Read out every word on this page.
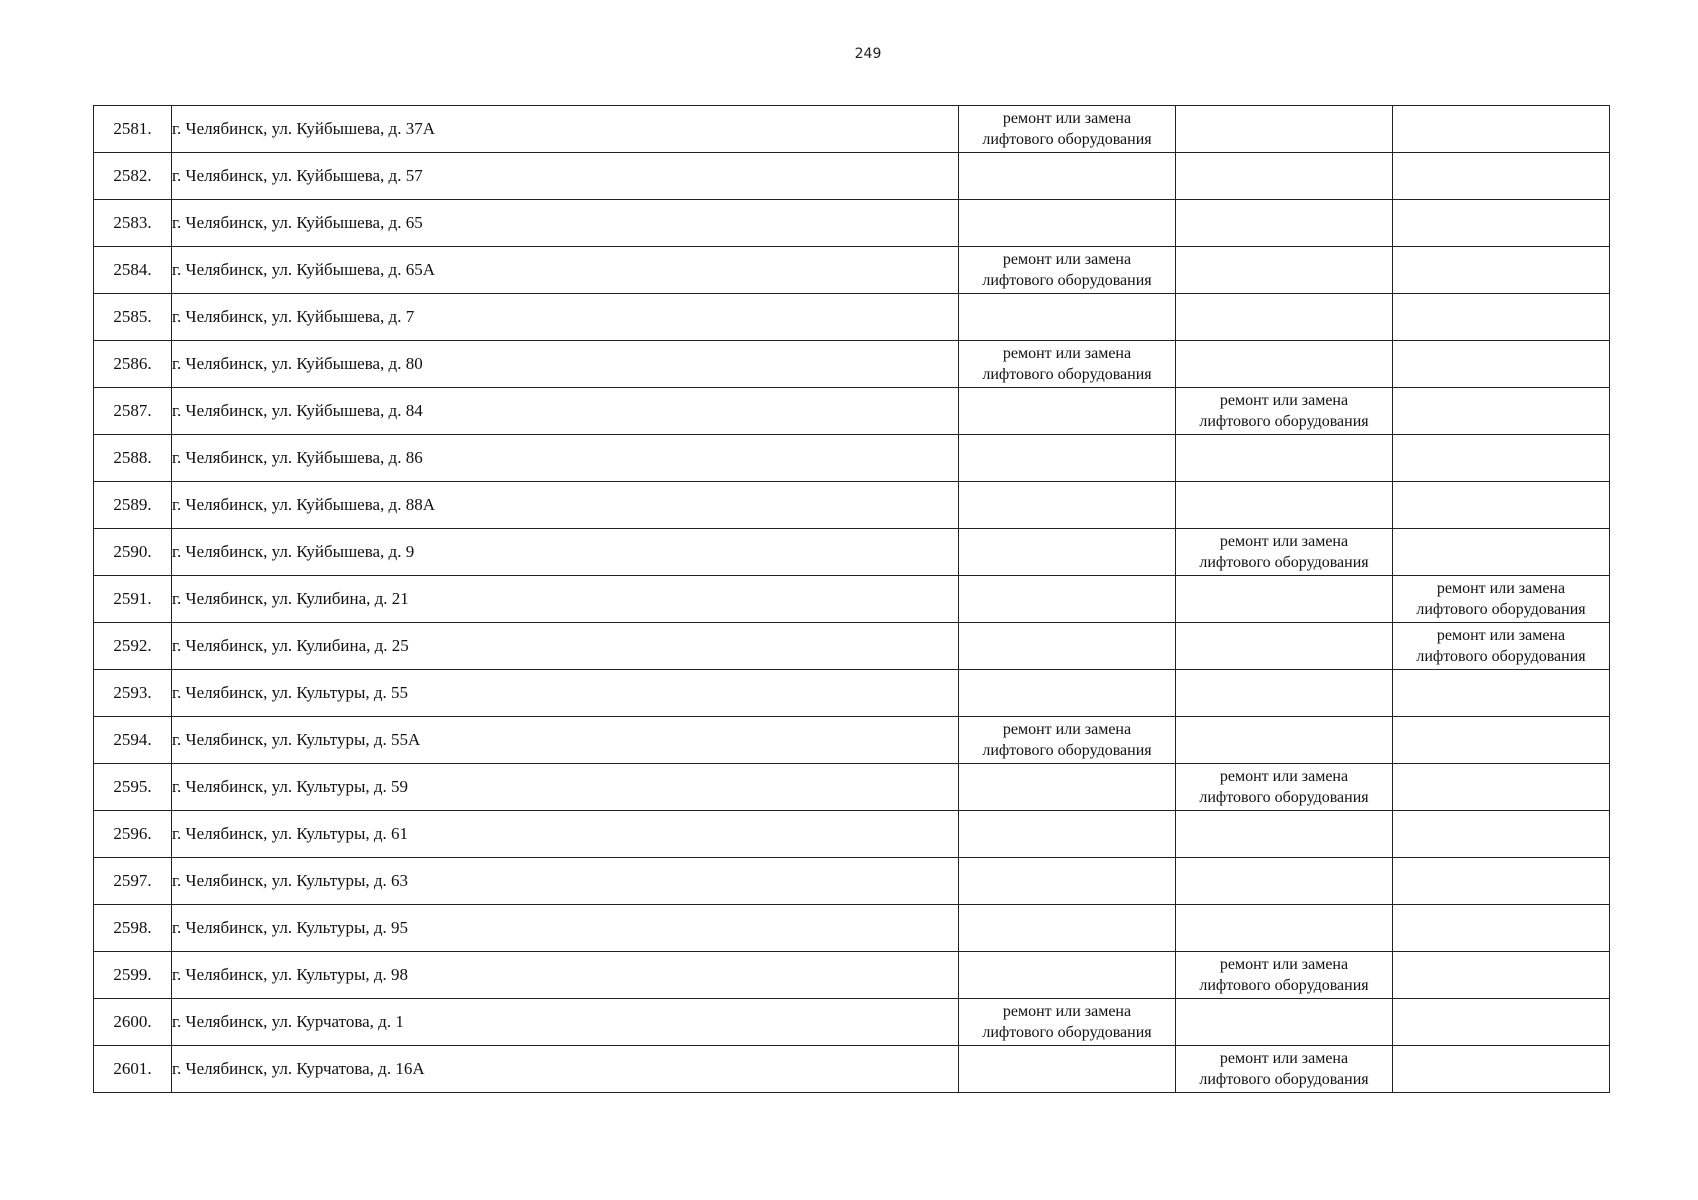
249
2581.	г. Челябинск, ул. Куйбышева, д. 37А	ремонт или замена
лифтового оборудования		
2582.	г. Челябинск, ул. Куйбышева, д. 57			
2583.	г. Челябинск, ул. Куйбышева, д. 65			
2584.	г. Челябинск, ул. Куйбышева, д. 65А	ремонт или замена
лифтового оборудования		
2585.	г. Челябинск, ул. Куйбышева, д. 7			
2586.	г. Челябинск, ул. Куйбышева, д. 80	ремонт или замена
лифтового оборудования		
2587.	г. Челябинск, ул. Куйбышева, д. 84		ремонт или замена
лифтового оборудования	
2588.	г. Челябинск, ул. Куйбышева, д. 86			
2589.	г. Челябинск, ул. Куйбышева, д. 88А			
2590.	г. Челябинск, ул. Куйбышева, д. 9		ремонт или замена
лифтового оборудования	
2591.	г. Челябинск, ул. Кулибина, д. 21			ремонт или замена
лифтового оборудования
2592.	г. Челябинск, ул. Кулибина, д. 25			ремонт или замена
лифтового оборудования
2593.	г. Челябинск, ул. Культуры, д. 55			
2594.	г. Челябинск, ул. Культуры, д. 55А	ремонт или замена
лифтового оборудования		
2595.	г. Челябинск, ул. Культуры, д. 59		ремонт или замена
лифтового оборудования	
2596.	г. Челябинск, ул. Культуры, д. 61			
2597.	г. Челябинск, ул. Культуры, д. 63			
2598.	г. Челябинск, ул. Культуры, д. 95			
2599.	г. Челябинск, ул. Культуры, д. 98		ремонт или замена
лифтового оборудования	
2600.	г. Челябинск, ул. Курчатова, д. 1	ремонт или замена
лифтового оборудования		
2601.	г. Челябинск, ул. Курчатова, д. 16А		ремонт или замена
лифтового оборудования	
